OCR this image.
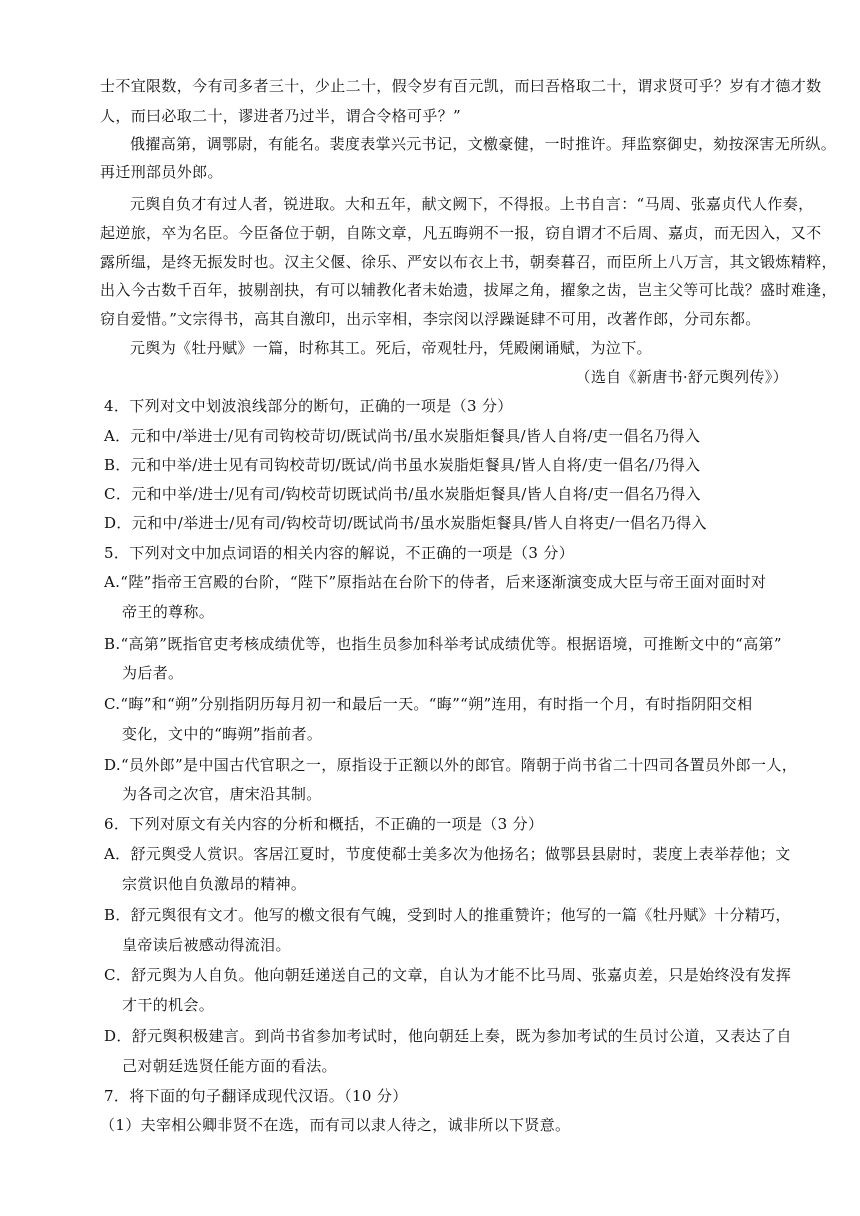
士不宜限数，今有司多者三十，少止二十，假令岁有百元凯，而曰吾格取二十，谓求贤可乎？岁有才德才数
人，而曰必取二十，谬进者乃过半，谓合令格可乎？”
俄擢高第，调鄂尉，有能名。裴度表掌兴元书记，文檄豪健，一时推许。拜监察御史，劾按深害无所纵。
再迁刑部员外郎。
元舆自负才有过人者，锐进取。大和五年，献文阙下，不得报。上书自言：“马周、张嘉贞代人作奏，
起逆旅，卒为名臣。今臣备位于朝，自陈文章，凡五晦朔不一报，窃自谓才不后周、嘉贞，而无因入，又不
露所缊，是终无振发时也。汉主父偃、徐乐、严安以布衣上书，朝奏暮召，而臣所上八万言，其文锻炼精粹，
出入今古数千百年，披剔剖抉，有可以辅教化者未始遗，拔犀之角，擢象之齿，岂主父等可比哉？盛时难逢，
窃自爱惜。”文宗得书，高其自激印，出示宰相，李宗闵以浮躁诞肆不可用，改著作郎，分司东都。
元舆为《牡丹赋》一篇，时称其工。死后，帝观牡丹，凭殿阑诵赋，为泣下。
（选自《新唐书·舒元舆列传》）
4．下列对文中划波浪线部分的断句，正确的一项是（3 分）
A．元和中/举进士/见有司钩校苛切/既试尚书/虽水炭脂炬餐具/皆人自将/吏一倡名乃得入
B．元和中举/进士见有司钩校苛切/既试/尚书虽水炭脂炬餐具/皆人自将/吏一倡名/乃得入
C．元和中举/进士/见有司/钩校苛切既试尚书/虽水炭脂炬餐具/皆人自将/吏一倡名乃得入
D．元和中/举进士/见有司/钩校苛切/既试尚书/虽水炭脂炬餐具/皆人自将吏/一倡名乃得入
5．下列对文中加点词语的相关内容的解说，不正确的一项是（3 分）
A.“陛”指帝王宫殿的台阶，“陛下”原指站在台阶下的侍者，后来逐渐演变成大臣与帝王面对面时对
帝王的尊称。
B.“高第”既指官吏考核成绩优等，也指生员参加科举考试成绩优等。根据语境，可推断文中的“高第”
为后者。
C.“晦”和“朔”分别指阴历每月初一和最后一天。“晦”“朔”连用，有时指一个月，有时指阴阳交相
变化，文中的“晦朔”指前者。
D.“员外郎”是中国古代官职之一，原指设于正额以外的郎官。隋朝于尚书省二十四司各置员外郎一人，
为各司之次官，唐宋沿其制。
6．下列对原文有关内容的分析和概括，不正确的一项是（3 分）
A．舒元舆受人赏识。客居江夏时，节度使郗士美多次为他扬名；做鄂县县尉时，裴度上表举荐他；文
宗赏识他自负激昂的精神。
B．舒元舆很有文才。他写的檄文很有气魄，受到时人的推重赞许；他写的一篇《牡丹赋》十分精巧，
皇帝读后被感动得流泪。
C．舒元舆为人自负。他向朝廷递送自己的文章，自认为才能不比马周、张嘉贞差，只是始终没有发挥
才干的机会。
D．舒元舆积极建言。到尚书省参加考试时，他向朝廷上奏，既为参加考试的生员讨公道，又表达了自
己对朝廷选贤任能方面的看法。
7．将下面的句子翻译成现代汉语。（10 分）
（1）夫宰相公卿非贤不在选，而有司以隶人待之，诚非所以下贤意。
